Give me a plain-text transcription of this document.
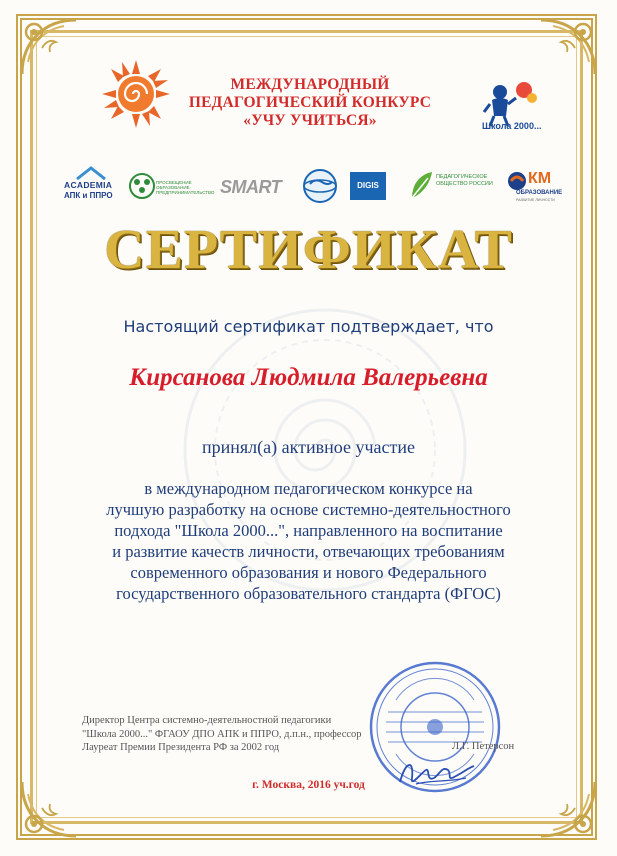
МЕЖДУНАРОДНЫЙ

ПЕДАГОГИЧЕСКИЙ КОНКУРС

«УЧУ УЧИТЬСЯ»	Школа 2000...
ACADEMIA
АПК и ППРО
ПРОСВЕЩЕНИЕ ОБРАЗОВАНИЕ ПРЕДПРИНИМАТЕЛЬСТВО SMART	DIGIS
ПЕДАГОГИЧЕСКОЕ ОБЩЕСТВО РОССИИ	КМ
ОБРАЗОВАНИЕ
РАЗВИТИЕ ЛИЧНОСТИ
СЕРТИФИКАТ

Настоящий сертификат подтверждает, что

Кирсанова Людмила Валерьевна

принял(а) активное участие

в международном педагогическом конкурсе на
лучшую разработку на основе системно-деятельностного
подхода "Школа 2000...", направленного на воспитание
и развитие качеств личности, отвечающих требованиям
современного образования и нового Федерального
государственного образовательного стандарта (ФГОС)

Директор Центра системно-деятельностной педагогики
"Школа 2000..." ФГАОУ ДПО АПК и ППРО, д.п.н., профессор
Лауреат Премии Президента РФ за 2002 год	Л.Г. Петерсон

г. Москва, 2016 уч.год
